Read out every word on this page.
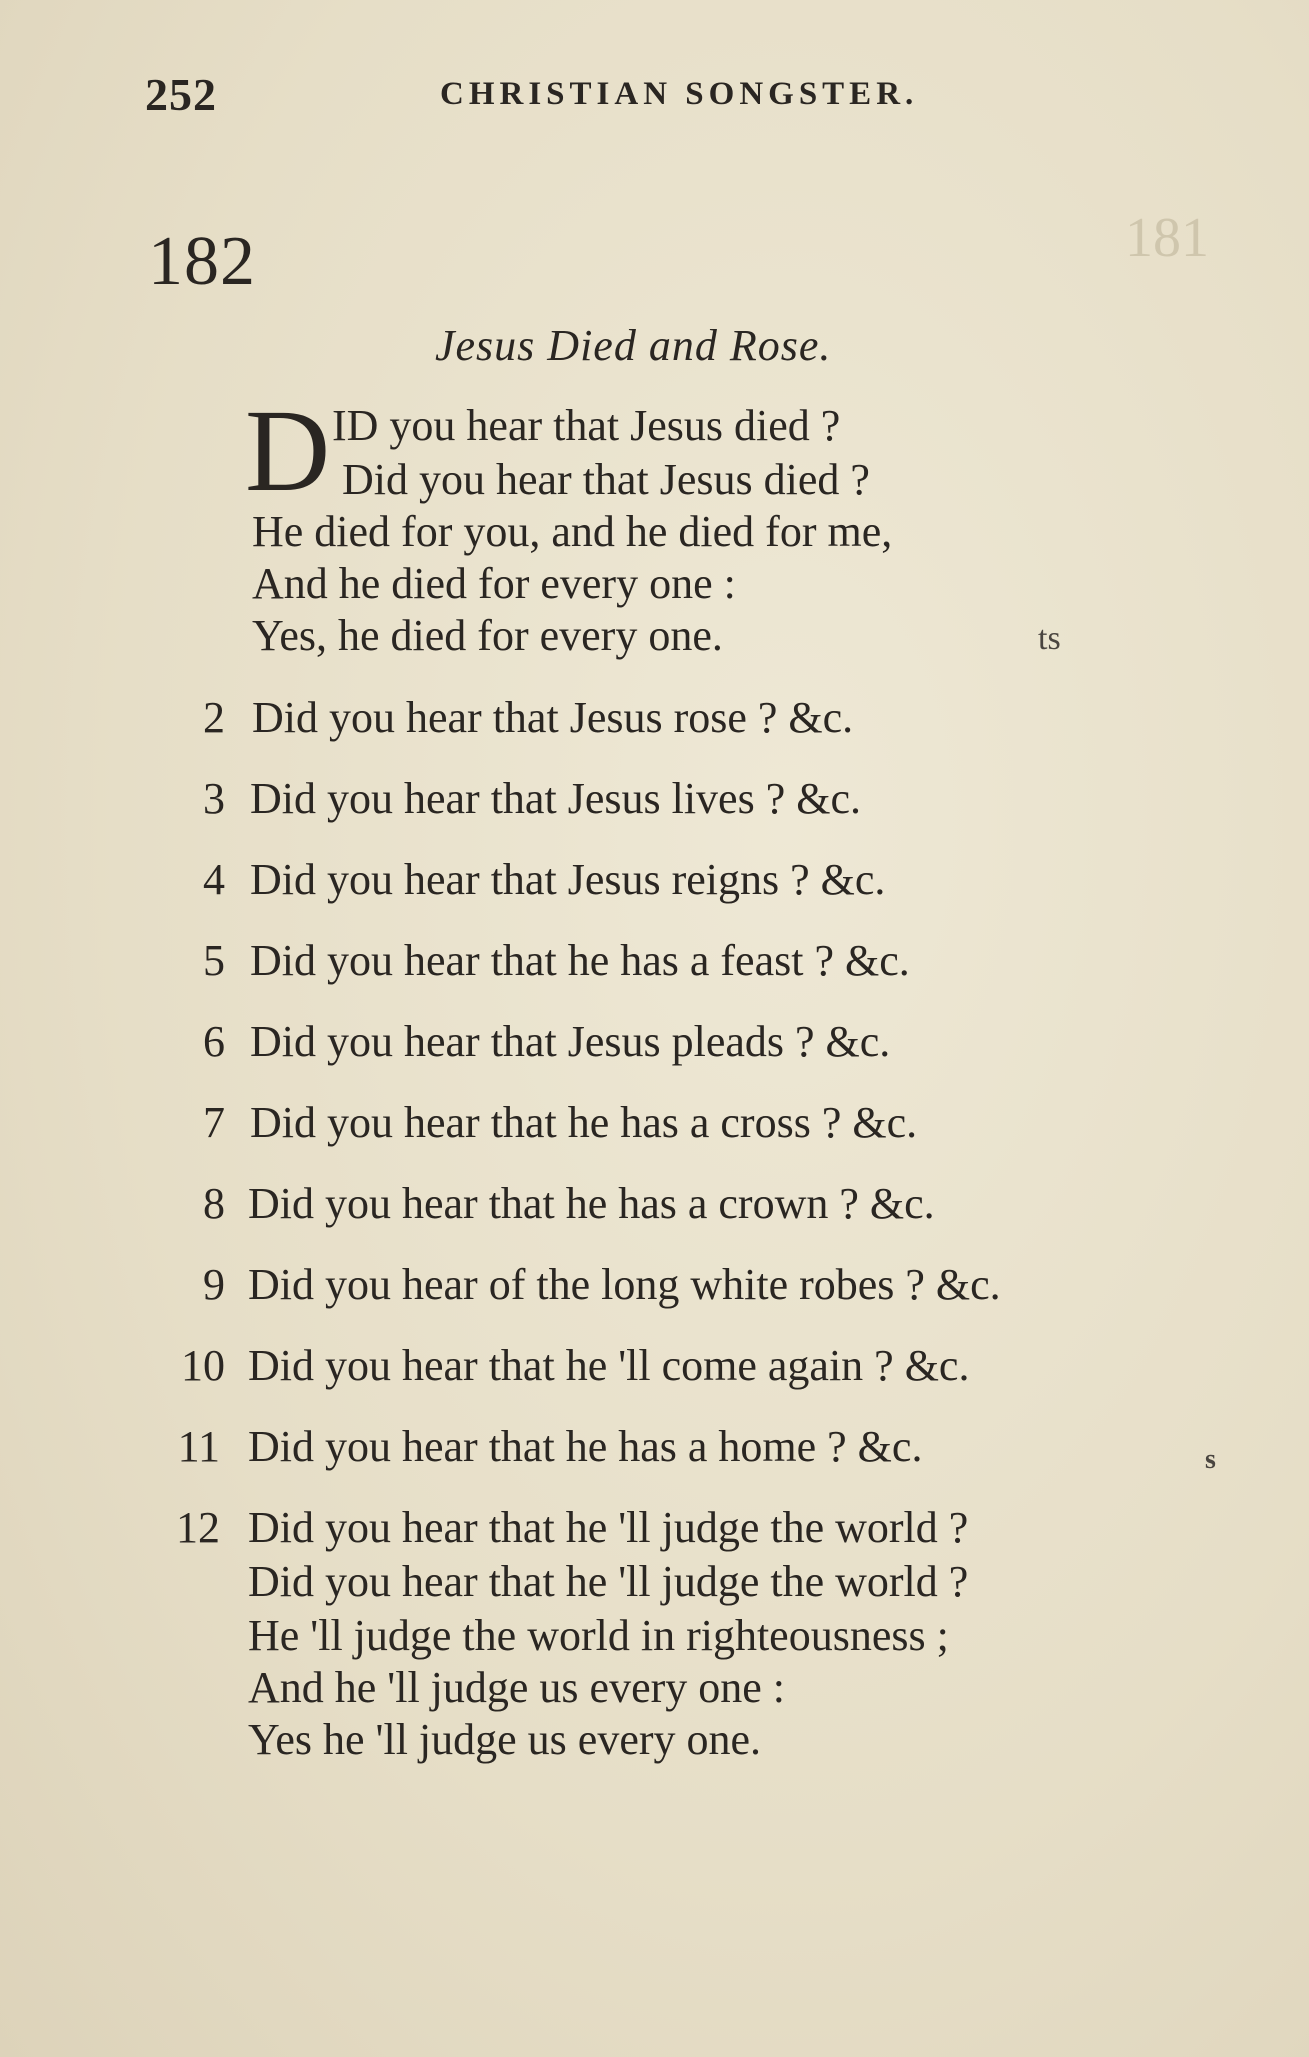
252	CHRISTIAN SONGSTER.
182	181
Jesus Died and Rose.
D ID you hear that Jesus died ?
Did you hear that Jesus died ?
He died for you, and he died for me,
And he died for every one :
Yes, he died for every one.	ts
2 Did you hear that Jesus rose ? &c.
3 Did you hear that Jesus lives ? &c.
4 Did you hear that Jesus reigns ? &c.
5 Did you hear that he has a feast ? &c.
6 Did you hear that Jesus pleads ? &c.
7 Did you hear that he has a cross ? &c.
8 Did you hear that he has a crown ? &c.
9 Did you hear of the long white robes ? &c.
10 Did you hear that he 'll come again ? &c.
11 Did you hear that he has a home ? &c.	s
12 Did you hear that he 'll judge the world ?
Did you hear that he 'll judge the world ?
He 'll judge the world in righteousness ;
And he 'll judge us every one :
Yes he 'll judge us every one.
